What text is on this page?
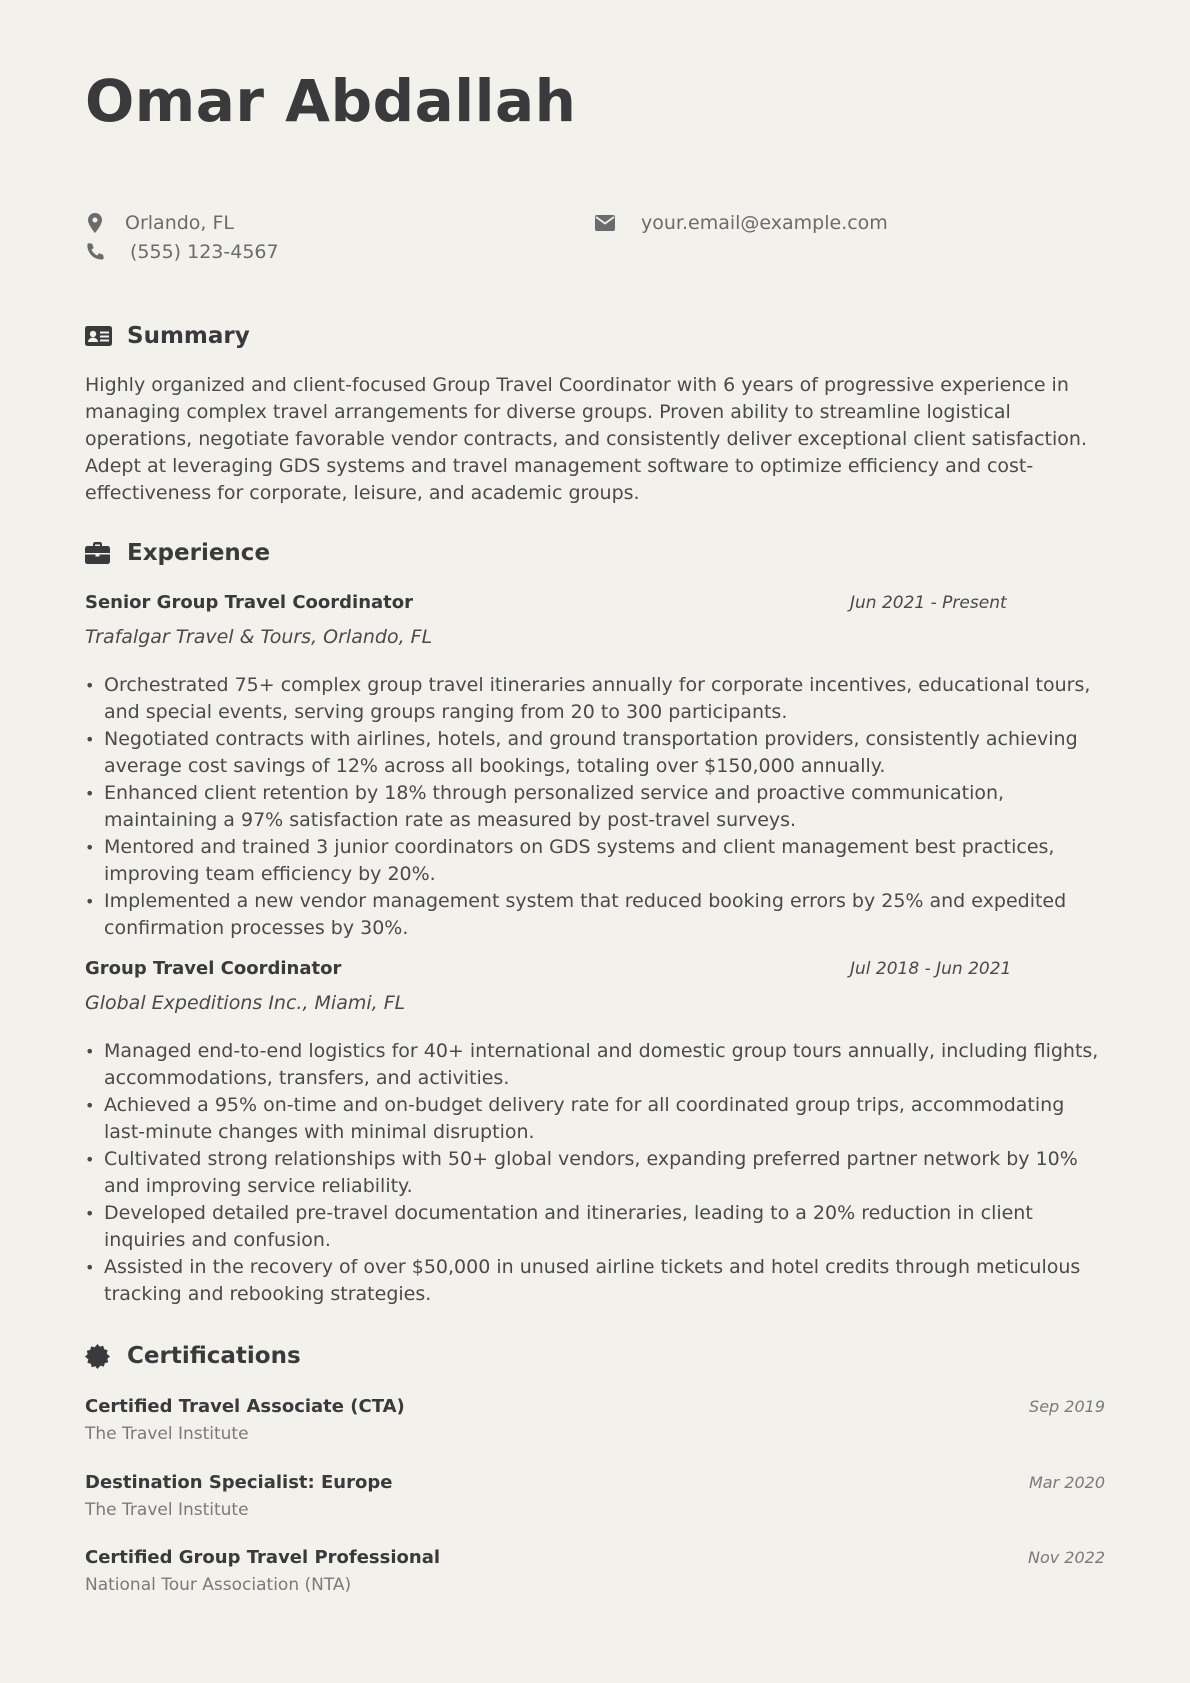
Omar Abdallah
Orlando, FL
(555) 123-4567
your.email@example.com
Summary

Highly organized and client-focused Group Travel Coordinator with 6 years of progressive experience in managing complex travel arrangements for diverse groups. Proven ability to streamline logistical operations, negotiate favorable vendor contracts, and consistently deliver exceptional client satisfaction. Adept at leveraging GDS systems and travel management software to optimize efficiency and cost-effectiveness for corporate, leisure, and academic groups.

Experience
Senior Group Travel Coordinator	Jun 2021 - Present
Trafalgar Travel & Tours, Orlando, FL
• Orchestrated 75+ complex group travel itineraries annually for corporate incentives, educational tours, and special events, serving groups ranging from 20 to 300 participants.
• Negotiated contracts with airlines, hotels, and ground transportation providers, consistently achieving average cost savings of 12% across all bookings, totaling over $150,000 annually.
• Enhanced client retention by 18% through personalized service and proactive communication, maintaining a 97% satisfaction rate as measured by post-travel surveys.
• Mentored and trained 3 junior coordinators on GDS systems and client management best practices, improving team efficiency by 20%.
• Implemented a new vendor management system that reduced booking errors by 25% and expedited confirmation processes by 30%.
Group Travel Coordinator	Jul 2018 - Jun 2021
Global Expeditions Inc., Miami, FL
• Managed end-to-end logistics for 40+ international and domestic group tours annually, including flights, accommodations, transfers, and activities.
• Achieved a 95% on-time and on-budget delivery rate for all coordinated group trips, accommodating last-minute changes with minimal disruption.
• Cultivated strong relationships with 50+ global vendors, expanding preferred partner network by 10% and improving service reliability.
• Developed detailed pre-travel documentation and itineraries, leading to a 20% reduction in client inquiries and confusion.
• Assisted in the recovery of over $50,000 in unused airline tickets and hotel credits through meticulous tracking and rebooking strategies.
Certifications
Certified Travel Associate (CTA)	Sep 2019
The Travel Institute
Destination Specialist: Europe	Mar 2020
The Travel Institute
Certified Group Travel Professional	Nov 2022
National Tour Association (NTA)
